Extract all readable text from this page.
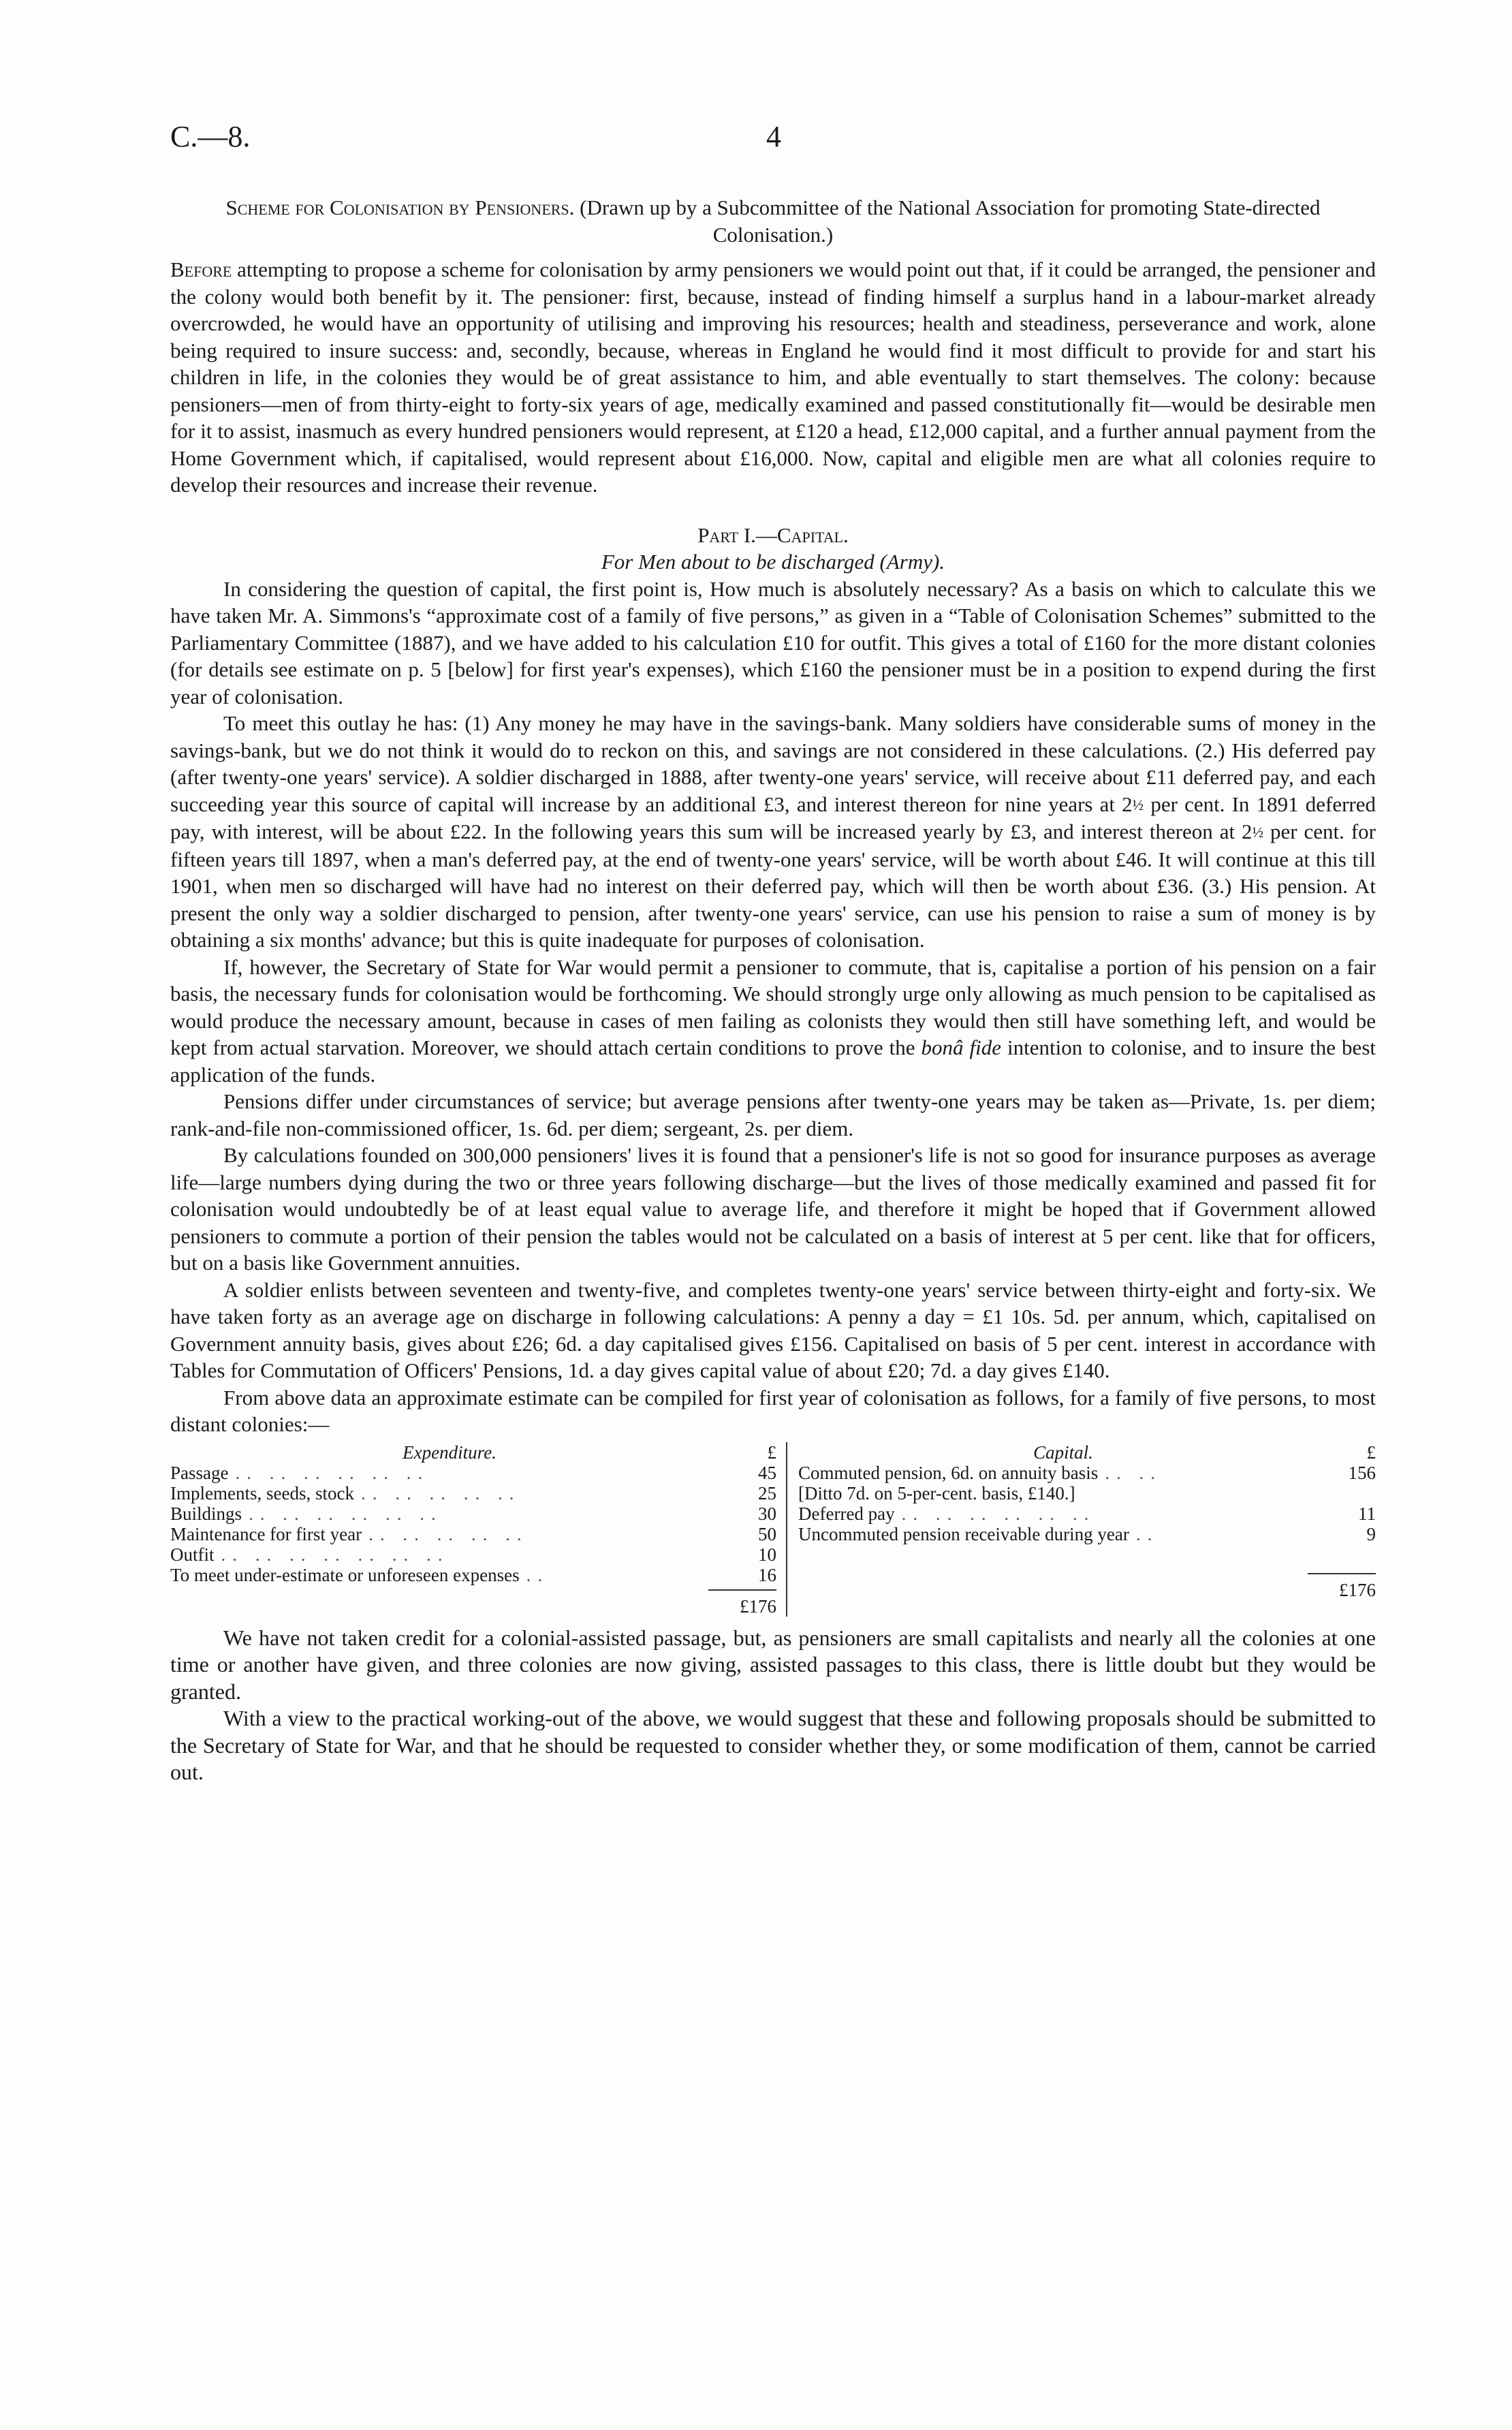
C.—8.	4

Scheme for Colonisation by Pensioners. (Drawn up by a Subcommittee of the National Association for promoting State-directed Colonisation.)

Before attempting to propose a scheme for colonisation by army pensioners we would point out that, if it could be arranged, the pensioner and the colony would both benefit by it. The pensioner: first, because, instead of finding himself a surplus hand in a labour-market already overcrowded, he would have an opportunity of utilising and improving his resources; health and steadiness, perseverance and work, alone being required to insure success: and, secondly, because, whereas in England he would find it most difficult to provide for and start his children in life, in the colonies they would be of great assistance to him, and able eventually to start themselves. The colony: because pensioners—men of from thirty-eight to forty-six years of age, medically examined and passed constitutionally fit—would be desirable men for it to assist, inasmuch as every hundred pensioners would represent, at £120 a head, £12,000 capital, and a further annual payment from the Home Government which, if capitalised, would represent about £16,000. Now, capital and eligible men are what all colonies require to develop their resources and increase their revenue.

Part I.—Capital.

For Men about to be discharged (Army).

In considering the question of capital, the first point is, How much is absolutely necessary? As a basis on which to calculate this we have taken Mr. A. Simmons's “approximate cost of a family of five persons,” as given in a “Table of Colonisation Schemes” submitted to the Parliamentary Committee (1887), and we have added to his calculation £10 for outfit. This gives a total of £160 for the more distant colonies (for details see estimate on p. 5 [below] for first year's expenses), which £160 the pensioner must be in a position to expend during the first year of colonisation.

To meet this outlay he has: (1) Any money he may have in the savings-bank. Many soldiers have considerable sums of money in the savings-bank, but we do not think it would do to reckon on this, and savings are not considered in these calculations. (2.) His deferred pay (after twenty-one years' service). A soldier discharged in 1888, after twenty-one years' service, will receive about £11 deferred pay, and each succeeding year this source of capital will increase by an additional £3, and interest thereon for nine years at 2½ per cent. In 1891 deferred pay, with interest, will be about £22. In the following years this sum will be increased yearly by £3, and interest thereon at 2½ per cent. for fifteen years till 1897, when a man's deferred pay, at the end of twenty-one years' service, will be worth about £46. It will continue at this till 1901, when men so discharged will have had no interest on their deferred pay, which will then be worth about £36. (3.) His pension. At present the only way a soldier discharged to pension, after twenty-one years' service, can use his pension to raise a sum of money is by obtaining a six months' advance; but this is quite inadequate for purposes of colonisation.

If, however, the Secretary of State for War would permit a pensioner to commute, that is, capitalise a portion of his pension on a fair basis, the necessary funds for colonisation would be forthcoming. We should strongly urge only allowing as much pension to be capitalised as would produce the necessary amount, because in cases of men failing as colonists they would then still have something left, and would be kept from actual starvation. Moreover, we should attach certain conditions to prove the bonâ fide intention to colonise, and to insure the best application of the funds.

Pensions differ under circumstances of service; but average pensions after twenty-one years may be taken as—Private, 1s. per diem; rank-and-file non-commissioned officer, 1s. 6d. per diem; sergeant, 2s. per diem.

By calculations founded on 300,000 pensioners' lives it is found that a pensioner's life is not so good for insurance purposes as average life—large numbers dying during the two or three years following discharge—but the lives of those medically examined and passed fit for colonisation would undoubtedly be of at least equal value to average life, and therefore it might be hoped that if Government allowed pensioners to commute a portion of their pension the tables would not be calculated on a basis of interest at 5 per cent. like that for officers, but on a basis like Government annuities.

A soldier enlists between seventeen and twenty-five, and completes twenty-one years' service between thirty-eight and forty-six. We have taken forty as an average age on discharge in following calculations: A penny a day = £1 10s. 5d. per annum, which, capitalised on Government annuity basis, gives about £26; 6d. a day capitalised gives £156. Capitalised on basis of 5 per cent. interest in accordance with Tables for Commutation of Officers' Pensions, 1d. a day gives capital value of about £20; 7d. a day gives £140.

From above data an approximate estimate can be compiled for first year of colonisation as follows, for a family of five persons, to most distant colonies:—

Expenditure.	£
Passage .. .. .. .. .. ..	45
Implements, seeds, stock .. .. .. .. ..	25
Buildings .. .. .. .. .. ..	30
Maintenance for first year .. .. .. .. ..	50
Outfit .. .. .. .. .. .. ..	10
To meet under-estimate or unforeseen expenses ..	16
£176
Capital.	£
Commuted pension, 6d. on annuity basis .. ..	156
[Ditto 7d. on 5-per-cent. basis, £140.]
Deferred pay .. .. .. .. .. ..	11
Uncommuted pension receivable during year ..	9
£176

We have not taken credit for a colonial-assisted passage, but, as pensioners are small capitalists and nearly all the colonies at one time or another have given, and three colonies are now giving, assisted passages to this class, there is little doubt but they would be granted.

With a view to the practical working-out of the above, we would suggest that these and following proposals should be submitted to the Secretary of State for War, and that he should be requested to consider whether they, or some modification of them, cannot be carried out.
